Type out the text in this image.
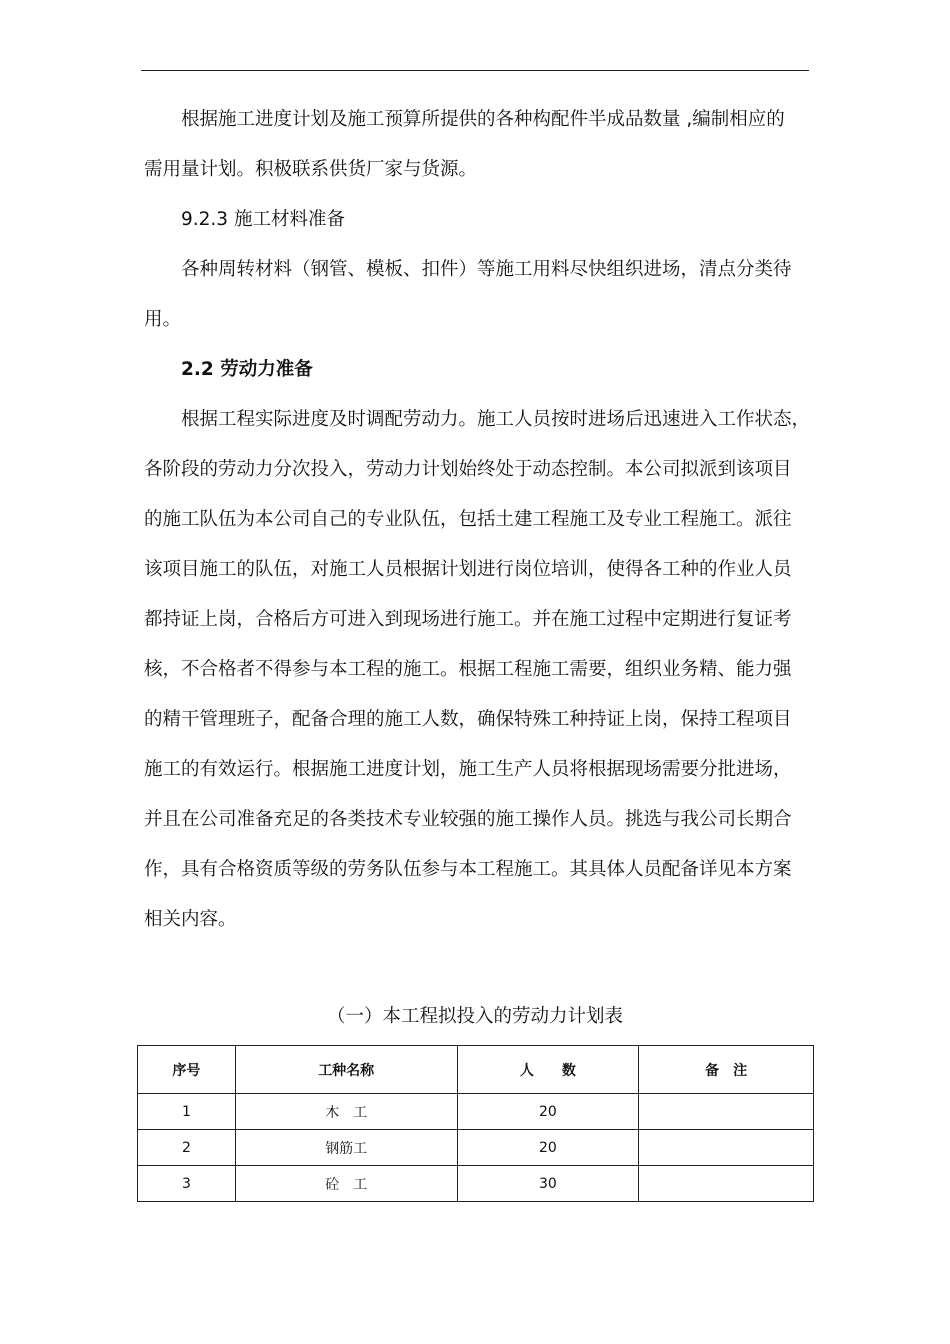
根据施工进度计划及施工预算所提供的各种构配件半成品数量 ,编制相应的

需用量计划。积极联系供货厂家与货源。

9.2.3 施工材料准备

各种周转材料（钢管、模板、扣件）等施工用料尽快组织进场，清点分类待

用。

2.2 劳动力准备

根据工程实际进度及时调配劳动力。施工人员按时进场后迅速进入工作状态，

各阶段的劳动力分次投入，劳动力计划始终处于动态控制。本公司拟派到该项目

的施工队伍为本公司自己的专业队伍，包括土建工程施工及专业工程施工。派往

该项目施工的队伍，对施工人员根据计划进行岗位培训，使得各工种的作业人员

都持证上岗，合格后方可进入到现场进行施工。并在施工过程中定期进行复证考

核，不合格者不得参与本工程的施工。根据工程施工需要，组织业务精、能力强

的精干管理班子，配备合理的施工人数，确保特殊工种持证上岗，保持工程项目

施工的有效运行。根据施工进度计划，施工生产人员将根据现场需要分批进场，

并且在公司准备充足的各类技术专业较强的施工操作人员。挑选与我公司长期合

作，具有合格资质等级的劳务队伍参与本工程施工。其具体人员配备详见本方案

相关内容。

（一）本工程拟投入的劳动力计划表

序号	工种名称	人　　数	备　注
1	木　工	20	
2	钢筋工	20	
3	砼　工	30	
